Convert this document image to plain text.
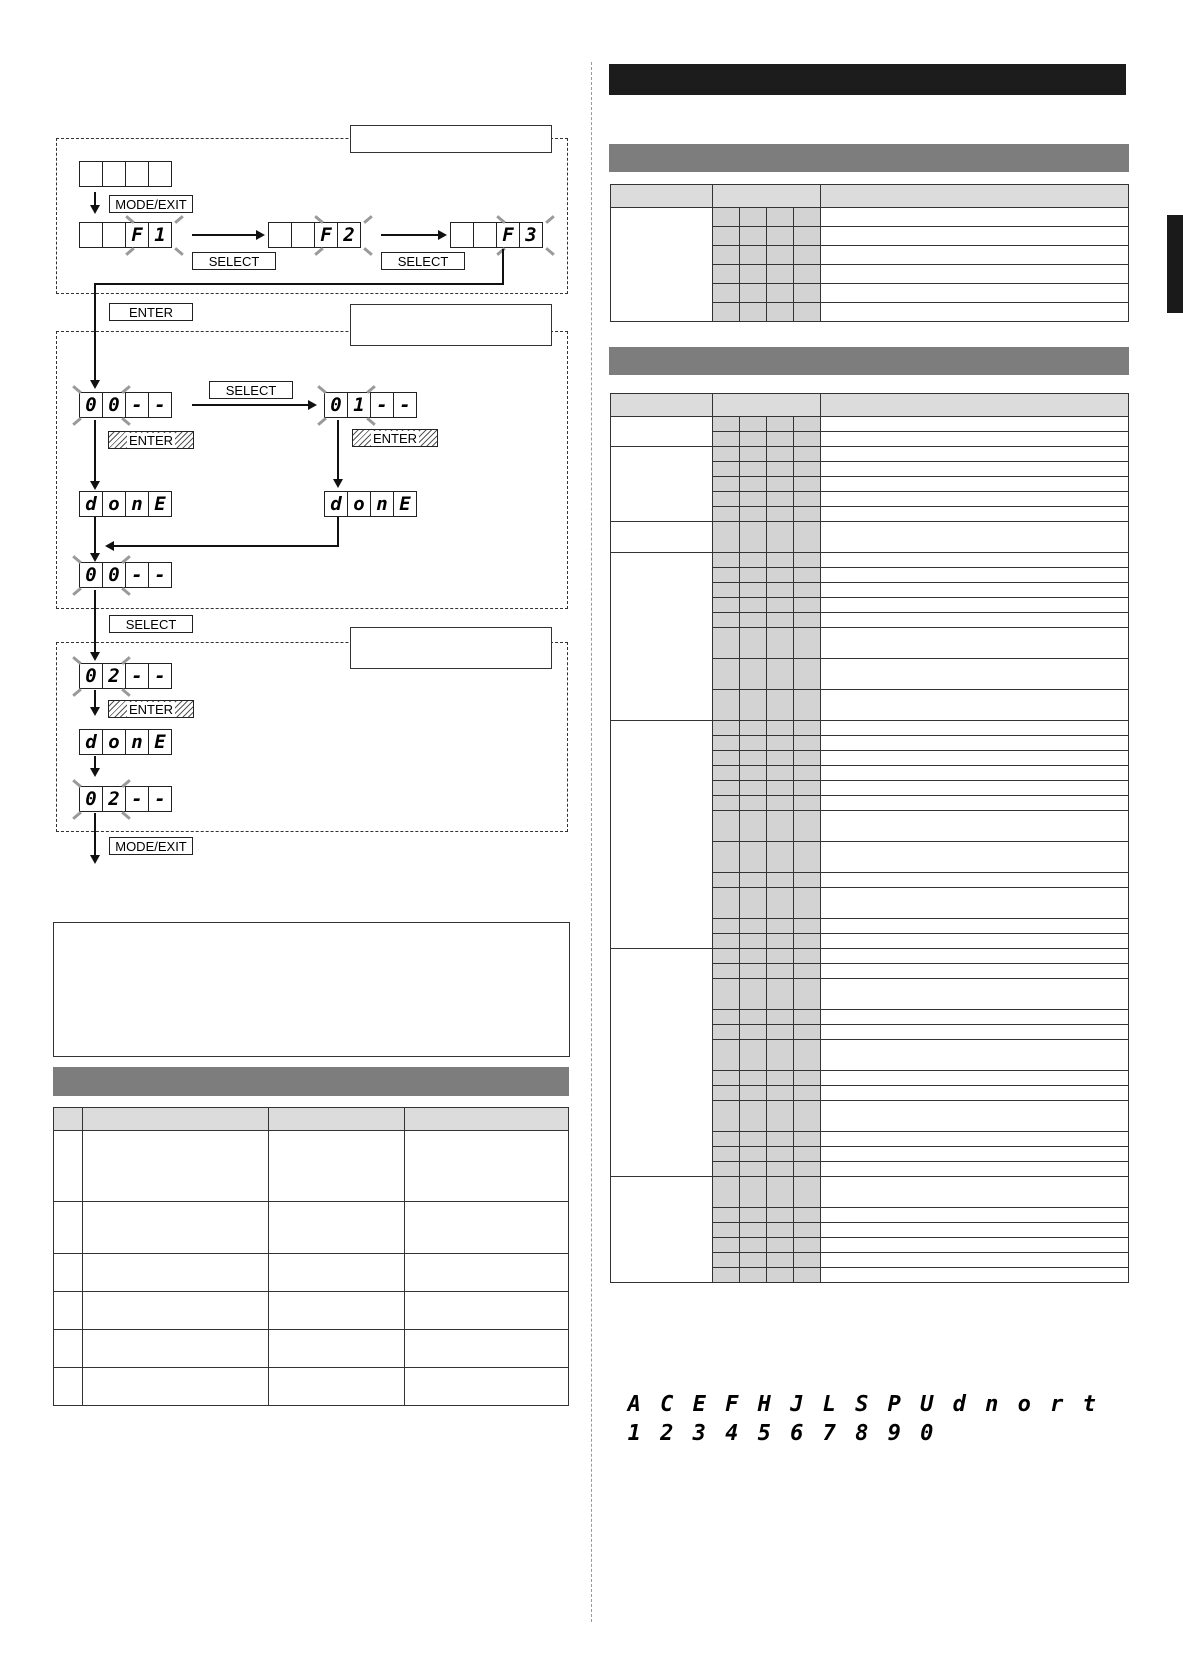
MODE/EXIT
F 1
SELECT
F 2
SELECT
F 3
ENTER
0 0 - -
SELECT
0 1 - -
ENTER	ENTER
d o n E	d o n E
0 0 - -
SELECT
0 2 - -
ENTER
d o n E
0 2 - -
MODE/EXIT

A C E F H J L S P U d n o r t
1 2 3 4 5 6 7 8 9 0
